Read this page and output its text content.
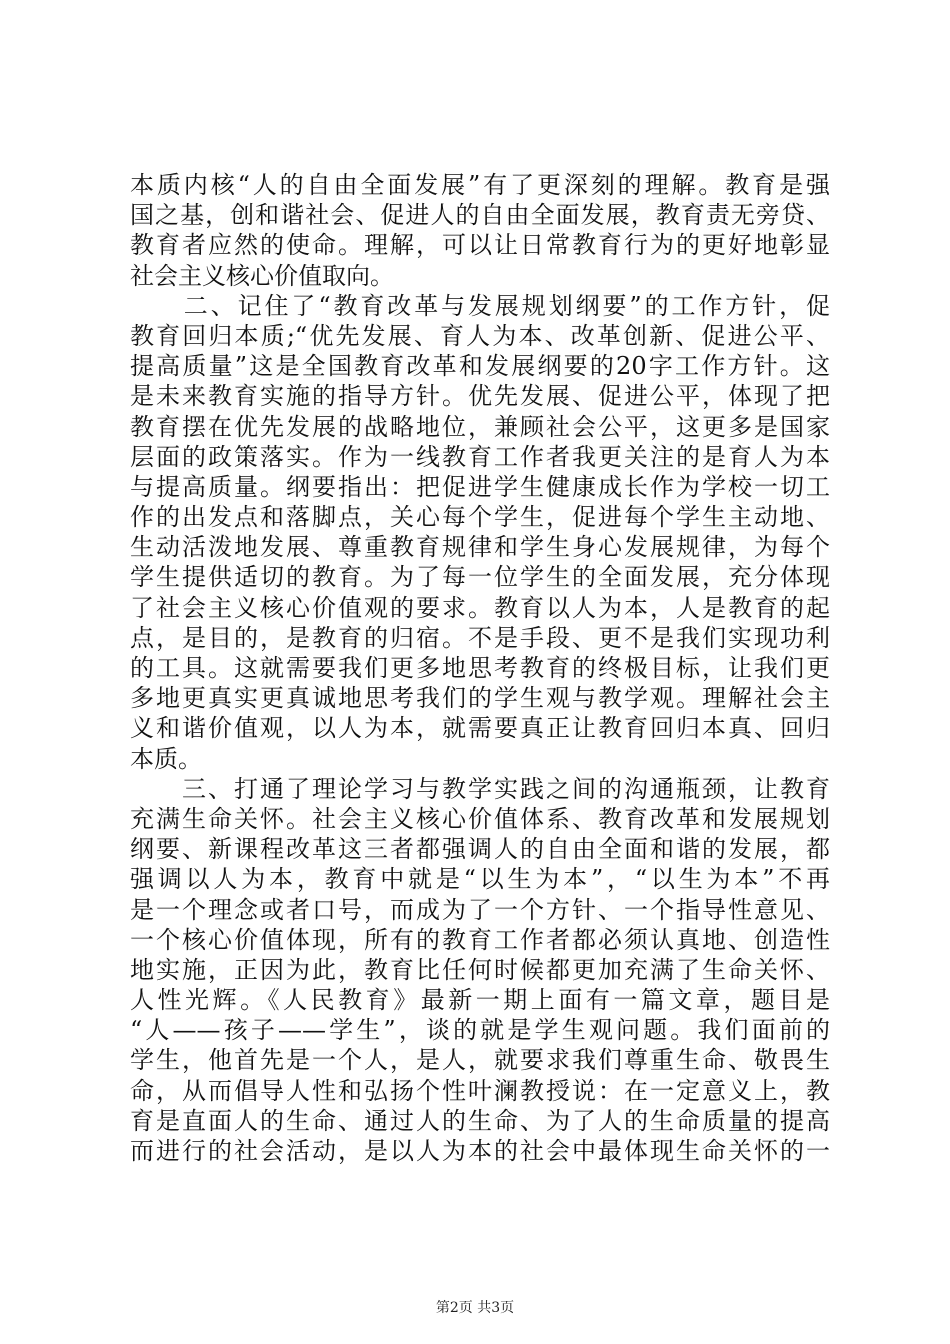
本质内核“人的自由全面发展”有了更深刻的理解。教育是强
国之基，创和谐社会、促进人的自由全面发展，教育责无旁贷、
教育者应然的使命。理解，可以让日常教育行为的更好地彰显
社会主义核心价值取向。
　　二、记住了“教育改革与发展规划纲要”的工作方针，促
教育回归本质;“优先发展、育人为本、改革创新、促进公平、
提高质量”这是全国教育改革和发展纲要的20字工作方针。这
是未来教育实施的指导方针。优先发展、促进公平，体现了把
教育摆在优先发展的战略地位，兼顾社会公平，这更多是国家
层面的政策落实。作为一线教育工作者我更关注的是育人为本
与提高质量。纲要指出：把促进学生健康成长作为学校一切工
作的出发点和落脚点，关心每个学生，促进每个学生主动地、
生动活泼地发展、尊重教育规律和学生身心发展规律，为每个
学生提供适切的教育。为了每一位学生的全面发展，充分体现
了社会主义核心价值观的要求。教育以人为本，人是教育的起
点，是目的，是教育的归宿。不是手段、更不是我们实现功利
的工具。这就需要我们更多地思考教育的终极目标，让我们更
多地更真实更真诚地思考我们的学生观与教学观。理解社会主
义和谐价值观，以人为本，就需要真正让教育回归本真、回归
本质。
　　三、打通了理论学习与教学实践之间的沟通瓶颈，让教育
充满生命关怀。社会主义核心价值体系、教育改革和发展规划
纲要、新课程改革这三者都强调人的自由全面和谐的发展，都
强调以人为本，教育中就是“以生为本”，“以生为本”不再
是一个理念或者口号，而成为了一个方针、一个指导性意见、
一个核心价值体现，所有的教育工作者都必须认真地、创造性
地实施，正因为此，教育比任何时候都更加充满了生命关怀、
人性光辉。《人民教育》最新一期上面有一篇文章，题目是
“人——孩子——学生”，谈的就是学生观问题。我们面前的
学生，他首先是一个人，是人，就要求我们尊重生命、敬畏生
命，从而倡导人性和弘扬个性叶澜教授说：在一定意义上，教
育是直面人的生命、通过人的生命、为了人的生命质量的提高
而进行的社会活动，是以人为本的社会中最体现生命关怀的一
第2页 共3页
